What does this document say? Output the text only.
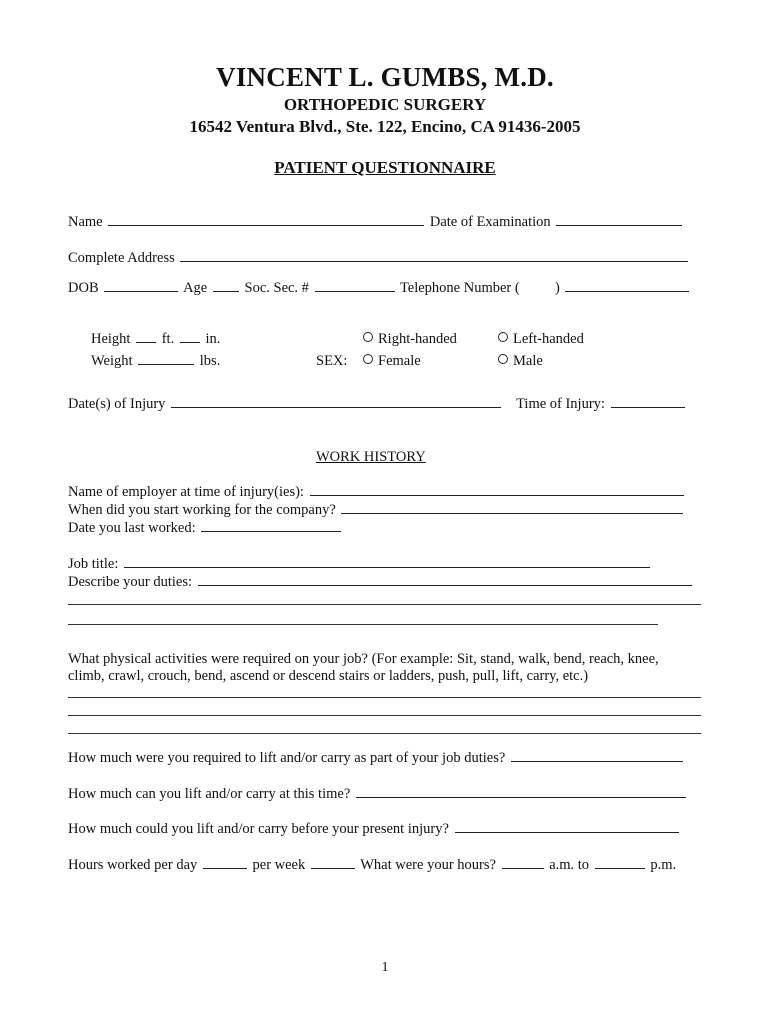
VINCENT L. GUMBS, M.D.
ORTHOPEDIC SURGERY
16542 Ventura Blvd., Ste. 122, Encino, CA 91436-2005
PATIENT QUESTIONNAIRE
Name	Date of Examination
Complete Address
DOB	Age	Soc. Sec. #	Telephone Number ( )
Height ft. in.	Right-handed	Left-handed
Weight	lbs.	SEX:	Female	Male
Date(s) of Injury	Time of Injury:
WORK HISTORY
Name of employer at time of injury(ies):
When did you start working for the company?
Date you last worked:
Job title:
Describe your duties:
What physical activities were required on your job? (For example: Sit, stand, walk, bend, reach, knee,
climb, crawl, crouch, bend, ascend or descend stairs or ladders, push, pull, lift, carry, etc.)
How much were you required to lift and/or carry as part of your job duties?
How much can you lift and/or carry at this time?
How much could you lift and/or carry before your present injury?
Hours worked per day	per week	What were your hours?	a.m. to	p.m.
1
